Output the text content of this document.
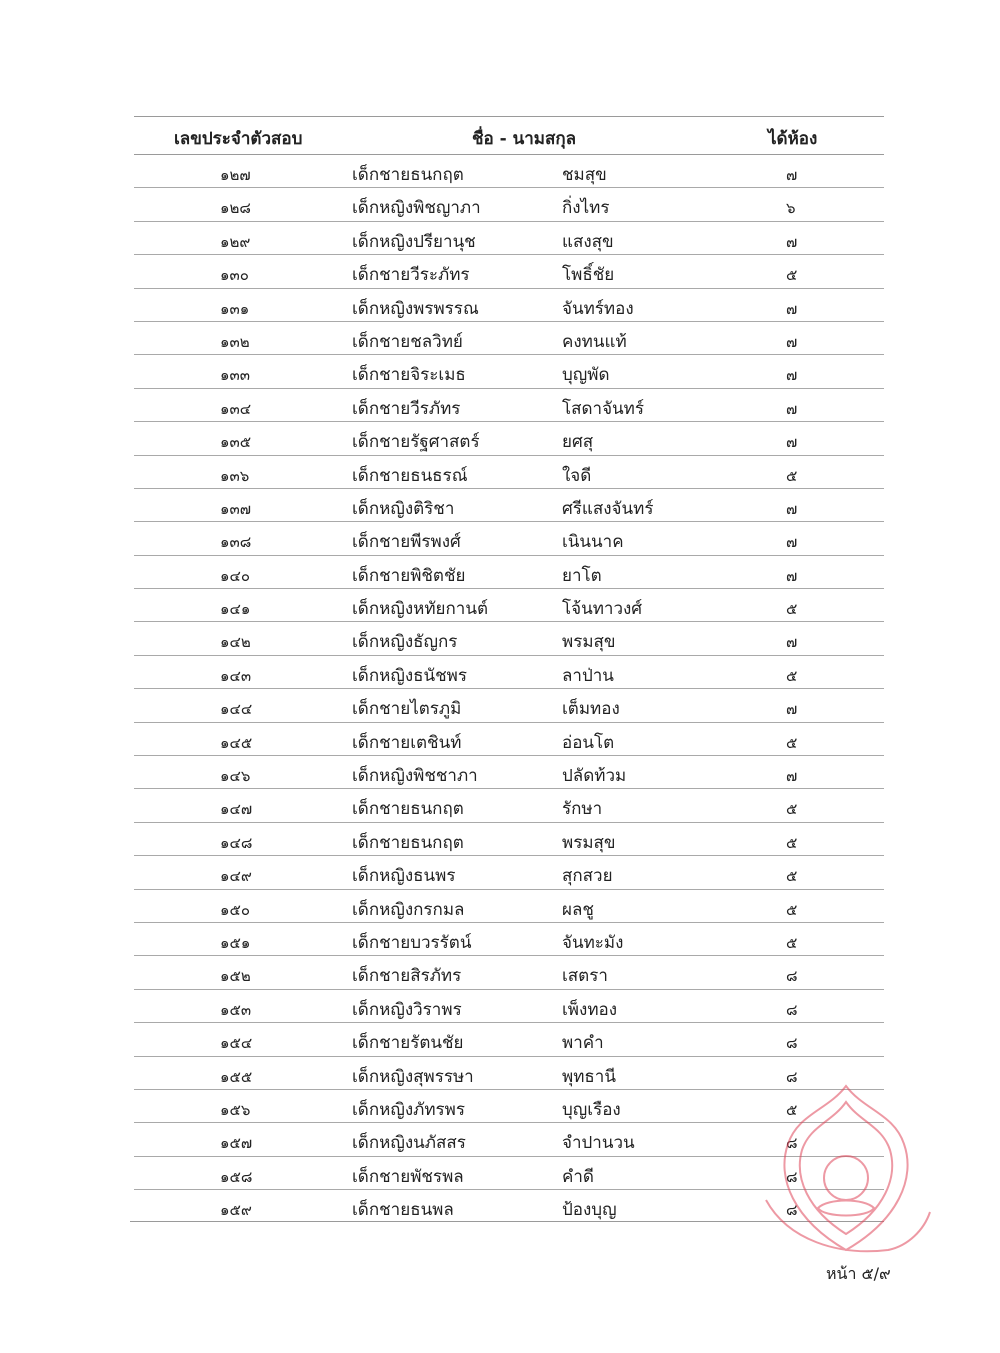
เลขประจำตัวสอบ	ชื่อ - นามสกุล	ได้ห้อง
๑๒๗	เด็กชายธนกฤต	ชมสุข	๗
๑๒๘	เด็กหญิงพิชญาภา	กิ่งไทร	๖
๑๒๙	เด็กหญิงปรียานุช	แสงสุข	๗
๑๓๐	เด็กชายวีระภัทร	โพธิ์ชัย	๕
๑๓๑	เด็กหญิงพรพรรณ	จันทร์ทอง	๗
๑๓๒	เด็กชายชลวิทย์	คงทนแท้	๗
๑๓๓	เด็กชายจิระเมธ	บุญพัด	๗
๑๓๔	เด็กชายวีรภัทร	โสดาจันทร์	๗
๑๓๕	เด็กชายรัฐศาสตร์	ยศสุ	๗
๑๓๖	เด็กชายธนธรณ์	ใจดี	๕
๑๓๗	เด็กหญิงติริชา	ศรีแสงจันทร์	๗
๑๓๘	เด็กชายพีรพงศ์	เนินนาค	๗
๑๔๐	เด็กชายพิชิตชัย	ยาโต	๗
๑๔๑	เด็กหญิงหทัยกานต์	โจ้นทาวงศ์	๕
๑๔๒	เด็กหญิงธัญกร	พรมสุข	๗
๑๔๓	เด็กหญิงธนัชพร	ลาป่าน	๕
๑๔๔	เด็กชายไตรภูมิ	เต็มทอง	๗
๑๔๕	เด็กชายเตชินท์	อ่อนโต	๕
๑๔๖	เด็กหญิงพิชชาภา	ปลัดท้วม	๗
๑๔๗	เด็กชายธนกฤต	รักษา	๕
๑๔๘	เด็กชายธนกฤต	พรมสุข	๕
๑๔๙	เด็กหญิงธนพร	สุกสวย	๕
๑๕๐	เด็กหญิงกรกมล	ผลชู	๕
๑๕๑	เด็กชายบวรรัตน์	จันทะมัง	๕
๑๕๒	เด็กชายสิรภัทร	เสตรา	๘
๑๕๓	เด็กหญิงวิราพร	เพ็งทอง	๘
๑๕๔	เด็กชายรัตนชัย	พาคำ	๘
๑๕๕	เด็กหญิงสุพรรษา	พุทธานี	๘
๑๕๖	เด็กหญิงภัทรพร	บุญเรือง	๕
๑๕๗	เด็กหญิงนภัสสร	จำปานวน	๘
๑๕๘	เด็กชายพัชรพล	คำดี	๘
๑๕๙	เด็กชายธนพล	ป้องบุญ	๘
หน้า ๕/๙
